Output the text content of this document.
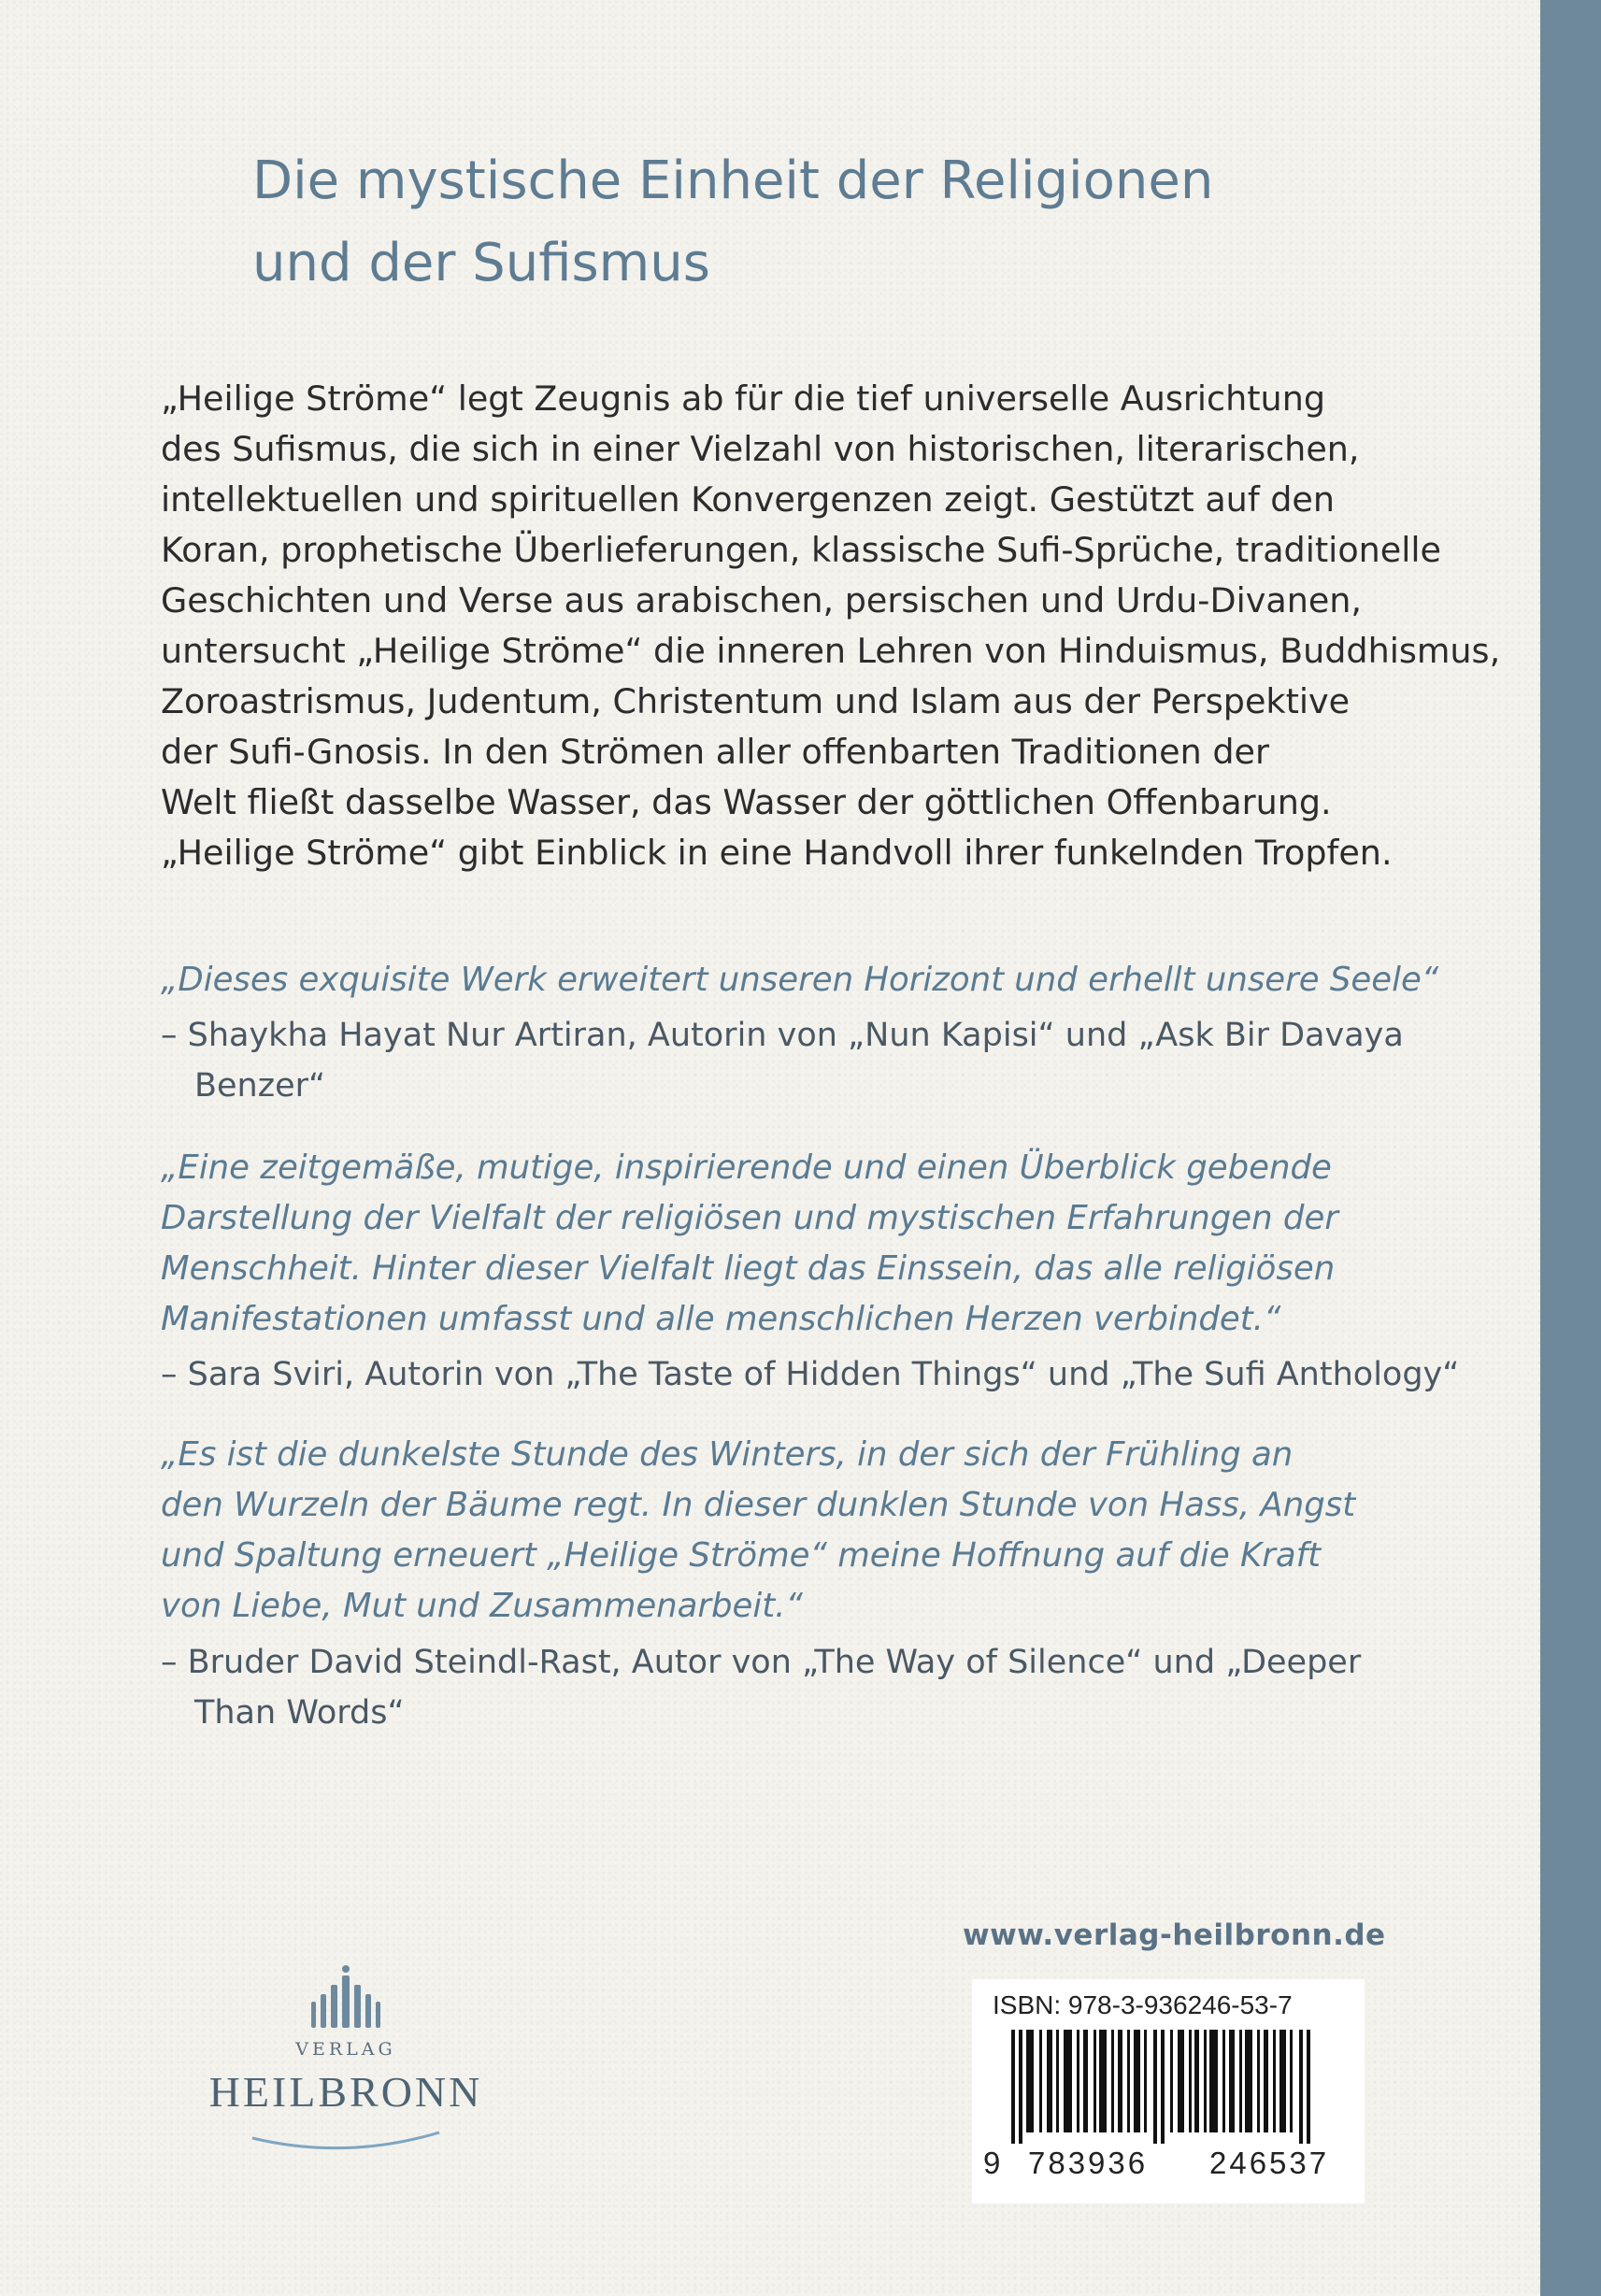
Die mystische Einheit der Religionen
und der Sufismus

„Heilige Ströme“ legt Zeugnis ab für die tief universelle Ausrichtung
des Sufismus, die sich in einer Vielzahl von historischen, literarischen,
intellektuellen und spirituellen Konvergenzen zeigt. Gestützt auf den
Koran, prophetische Überlieferungen, klassische Sufi-Sprüche, traditionelle
Geschichten und Verse aus arabischen, persischen und Urdu-Divanen,
untersucht „Heilige Ströme“ die inneren Lehren von Hinduismus, Buddhismus,
Zoroastrismus, Judentum, Christentum und Islam aus der Perspektive
der Sufi-Gnosis. In den Strömen aller offenbarten Traditionen der
Welt fließt dasselbe Wasser, das Wasser der göttlichen Offenbarung.
„Heilige Ströme“ gibt Einblick in eine Handvoll ihrer funkelnden Tropfen.

„Dieses exquisite Werk erweitert unseren Horizont und erhellt unsere Seele“
– Shaykha Hayat Nur Artiran, Autorin von „Nun Kapisi“ und „Ask Bir Davaya
Benzer“
„Eine zeitgemäße, mutige, inspirierende und einen Überblick gebende
Darstellung der Vielfalt der religiösen und mystischen Erfahrungen der
Menschheit. Hinter dieser Vielfalt liegt das Einssein, das alle religiösen
Manifestationen umfasst und alle menschlichen Herzen verbindet.“
– Sara Sviri, Autorin von „The Taste of Hidden Things“ und „The Sufi Anthology“
„Es ist die dunkelste Stunde des Winters, in der sich der Frühling an
den Wurzeln der Bäume regt. In dieser dunklen Stunde von Hass, Angst
und Spaltung erneuert „Heilige Ströme“ meine Hoffnung auf die Kraft
von Liebe, Mut und Zusammenarbeit.“
– Bruder David Steindl-Rast, Autor von „The Way of Silence“ und „Deeper
Than Words“
VERLAG
HEILBRONN
www.verlag-heilbronn.de
ISBN: 978-3-936246-53-7
9 783936 246537
